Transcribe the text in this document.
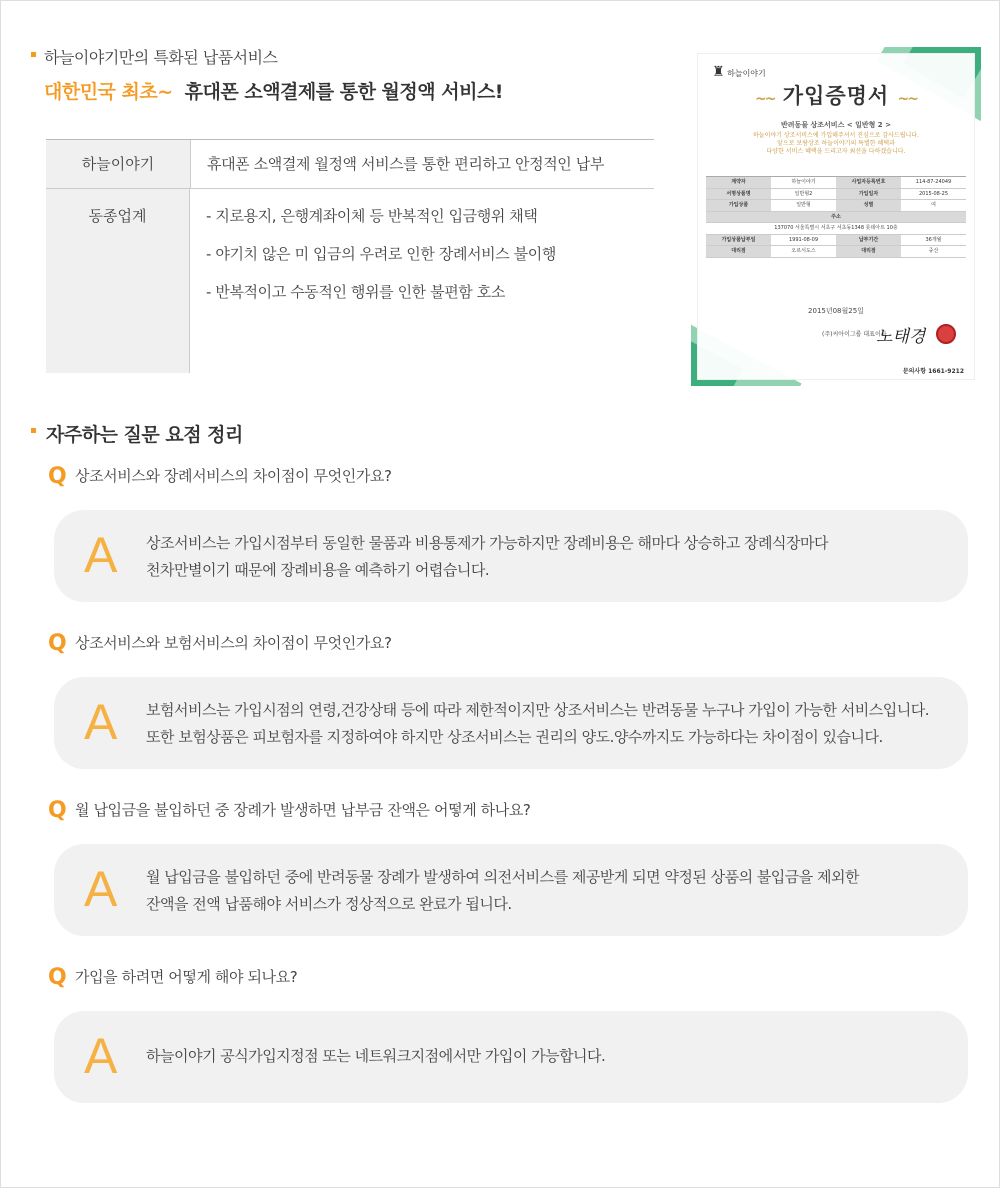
하늘이야기만의 특화된 납품서비스
대한민국 최초~ 휴대폰 소액결제를 통한 월정액 서비스!
하늘이야기	휴대폰 소액결제 월정액 서비스를 통한 편리하고 안정적인 납부
동종업계	- 지로용지, 은행계좌이체 등 반복적인 입금행위 채택
- 야기치 않은 미 입금의 우려로 인한 장례서비스 불이행
- 반복적이고 수동적인 행위를 인한 불편함 호소
♜ 하늘이야기
~~ 가입증명서 ~~
반려동물 상조서비스 < 일반형 2 >
하늘이야기 상조서비스에 가입해주셔서 진심으로 감사드립니다.
앞으로 보람상조 하늘이야기의 특별한 혜택과
다양한 서비스 혜택을 드리고자 최선을 다하겠습니다.
계약자	하늘이야기	사업자등록번호	114-87-24049
서명상품명	일반형2	가입일자	2015-08-25
가입상품	일반형	성별	여
주소
137070 서울특별시 서초구 서초동1348 롯데아트 10층
가입상품납부일	1991-08-09	납부기간	36개월
대리점	오르서도스	대리점	중산
2015년08월25일
(주)씨아이그룹 대표이사
노태경
문의사항 1661-9212
자주하는 질문 요점 정리
Q 상조서비스와 장례서비스의 차이점이 무엇인가요?
A 상조서비스는 가입시점부터 동일한 물품과 비용통제가 가능하지만 장례비용은 해마다 상승하고 장례식장마다
천차만별이기 때문에 장례비용을 예측하기 어렵습니다.
Q 상조서비스와 보험서비스의 차이점이 무엇인가요?
A 보험서비스는 가입시점의 연령,건강상태 등에 따라 제한적이지만 상조서비스는 반려동물 누구나 가입이 가능한 서비스입니다.
또한 보험상품은 피보험자를 지정하여야 하지만 상조서비스는 권리의 양도.양수까지도 가능하다는 차이점이 있습니다.
Q 월 납입금을 불입하던 중 장례가 발생하면 납부금 잔액은 어떻게 하나요?
A 월 납입금을 불입하던 중에 반려동물 장례가 발생하여 의전서비스를 제공받게 되면 약정된 상품의 불입금을 제외한
잔액을 전액 납품해야 서비스가 정상적으로 완료가 됩니다.
Q 가입을 하려면 어떻게 해야 되나요?
A 하늘이야기 공식가입지정점 또는 네트워크지점에서만 가입이 가능합니다.
